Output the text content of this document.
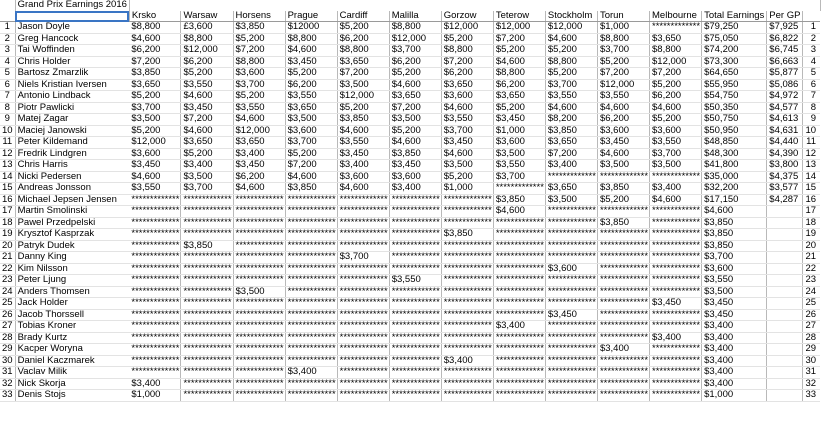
	Grand Prix Earnings 2016														
		Krsko	Warsaw	Horsens	Prague	Cardiff	Malilla	Gorzow	Teterow	Stockholm	Torun	Melbourne	Total Earnings	Per GP	
1	Jason Doyle	$8,800	£3,600	$3,850	$12000	$5,200	$8,800	$12,000	$12,000	$12,000	$1,000	*************	$79,250	$7,925	1
2	Greg Hancock	$4,600	$8,800	$5,200	$8,800	$6,200	$12,000	$5,200	$7,200	$4,600	$8,800	$3,650	$75,050	$6,822	2
3	Tai Woffinden	$6,200	$12,000	$7,200	$4,600	$8,800	$3,700	$8,800	$5,200	$5,200	$3,700	$8,800	$74,200	$6,745	3
4	Chris Holder	$7,200	$6,200	$8,800	$3,450	$3,650	$6,200	$7,200	$4,600	$8,800	$5,200	$12,000	$73,300	$6,663	4
5	Bartosz Zmarzlik	$3,850	$5,200	$3,600	$5,200	$7,200	$5,200	$6,200	$8,800	$5,200	$7,200	$7,200	$64,650	$5,877	5
6	Niels Kristian Iversen	$3,650	$3,550	$3,700	$6,200	$3,500	$4,600	$3,650	$6,200	$3,700	$12,000	$5,200	$55,950	$5,086	6
7	Antonio Lindback	$5,200	$4,600	$5,200	$3,550	$12,000	$3,650	$3,600	$3,650	$3,550	$3,550	$6,200	$54,750	$4,972	7
8	Piotr Pawlicki	$3,700	$3,450	$3,550	$3,650	$5,200	$7,200	$4,600	$5,200	$4,600	$4,600	$4,600	$50,350	$4,577	8
9	Matej Zagar	$3,500	$7,200	$4,600	$3,500	$3,850	$3,500	$3,550	$3,450	$8,200	$6,200	$5,200	$50,750	$4,613	9
10	Maciej Janowski	$5,200	$4,600	$12,000	$3,600	$4,600	$5,200	$3,700	$1,000	$3,850	$3,600	$3,600	$50,950	$4,631	10
11	Peter Kildemand	$12,000	$3,650	$3,650	$3,700	$3,550	$4,600	$3,450	$3,600	$3,650	$3,450	$3,550	$48,850	$4,440	11
12	Fredrik Lindgren	$3,600	$5,200	$3,400	$5,200	$3,450	$3,850	$4,600	$3,500	$7,200	$4,600	$3,700	$48,300	$4,390	12
13	Chris Harris	$3,450	$3,400	$3,450	$7,200	$3,400	$3,450	$3,500	$3,550	$3,400	$3,500	$3,500	$41,800	$3,800	13
14	Nicki Pedersen	$4,600	$3,500	$6,200	$4,600	$3,600	$3,600	$5,200	$3,700	*************	*************	*************	$35,000	$4,375	14
15	Andreas Jonsson	$3,550	$3,700	$4,600	$3,850	$4,600	$3,400	$1,000	*************	$3,650	$3,850	$3,400	$32,200	$3,577	15
16	Michael Jepsen Jensen	*************	*************	*************	*************	*************	*************	*************	$3,850	$3,500	$5,200	$4,600	$17,150	$4,287	16
17	Martin Smolinski	*************	*************	*************	*************	*************	*************	*************	$4,600	*************	*************	*************	$4,600		17
18	Pawel Przedpelski	*************	*************	*************	*************	*************	*************	*************	*************	*************	$3,850	*************	$3,850		18
19	Krysztof Kasprzak	*************	*************	*************	*************	*************	*************	$3,850	*************	*************	*************	*************	$3,850		19
20	Patryk Dudek	*************	$3,850	*************	*************	*************	*************	*************	*************	*************	*************	*************	$3,850		20
21	Danny King	*************	*************	*************	*************	$3,700	*************	*************	*************	*************	*************	*************	$3,700		21
22	Kim Nilsson	*************	*************	*************	*************	*************	*************	*************	*************	$3,600	*************	*************	$3,600		22
23	Peter Ljung	*************	*************	*************	*************	*************	$3,550	*************	*************	*************	*************	*************	$3,550		23
24	Anders Thomsen	*************	*************	$3,500	*************	*************	*************	*************	*************	*************	*************	*************	$3,500		24
25	Jack Holder	*************	*************	*************	*************	*************	*************	*************	*************	*************	*************	$3,450	$3,450		25
26	Jacob Thorssell	*************	*************	*************	*************	*************	*************	*************	*************	$3,450	*************	*************	$3,450		26
27	Tobias Kroner	*************	*************	*************	*************	*************	*************	*************	$3,400	*************	*************	*************	$3,400		27
28	Brady Kurtz	*************	*************	*************	*************	*************	*************	*************	*************	*************	*************	$3,400	$3,400		28
29	Kacper Woryna	*************	*************	*************	*************	*************	*************	*************	*************	*************	$3,400	*************	$3,400		29
30	Daniel Kaczmarek	*************	*************	*************	*************	*************	*************	$3,400	*************	*************	*************	*************	$3,400		30
31	Vaclav Milik	*************	*************	*************	$3,400	*************	*************	*************	*************	*************	*************	*************	$3,400		31
32	Nick Skorja	$3,400	*************	*************	*************	*************	*************	*************	*************	*************	*************	*************	$3,400		32
33	Denis Stojs	$1,000	*************	*************	*************	*************	*************	*************	*************	*************	*************	*************	$1,000		33
